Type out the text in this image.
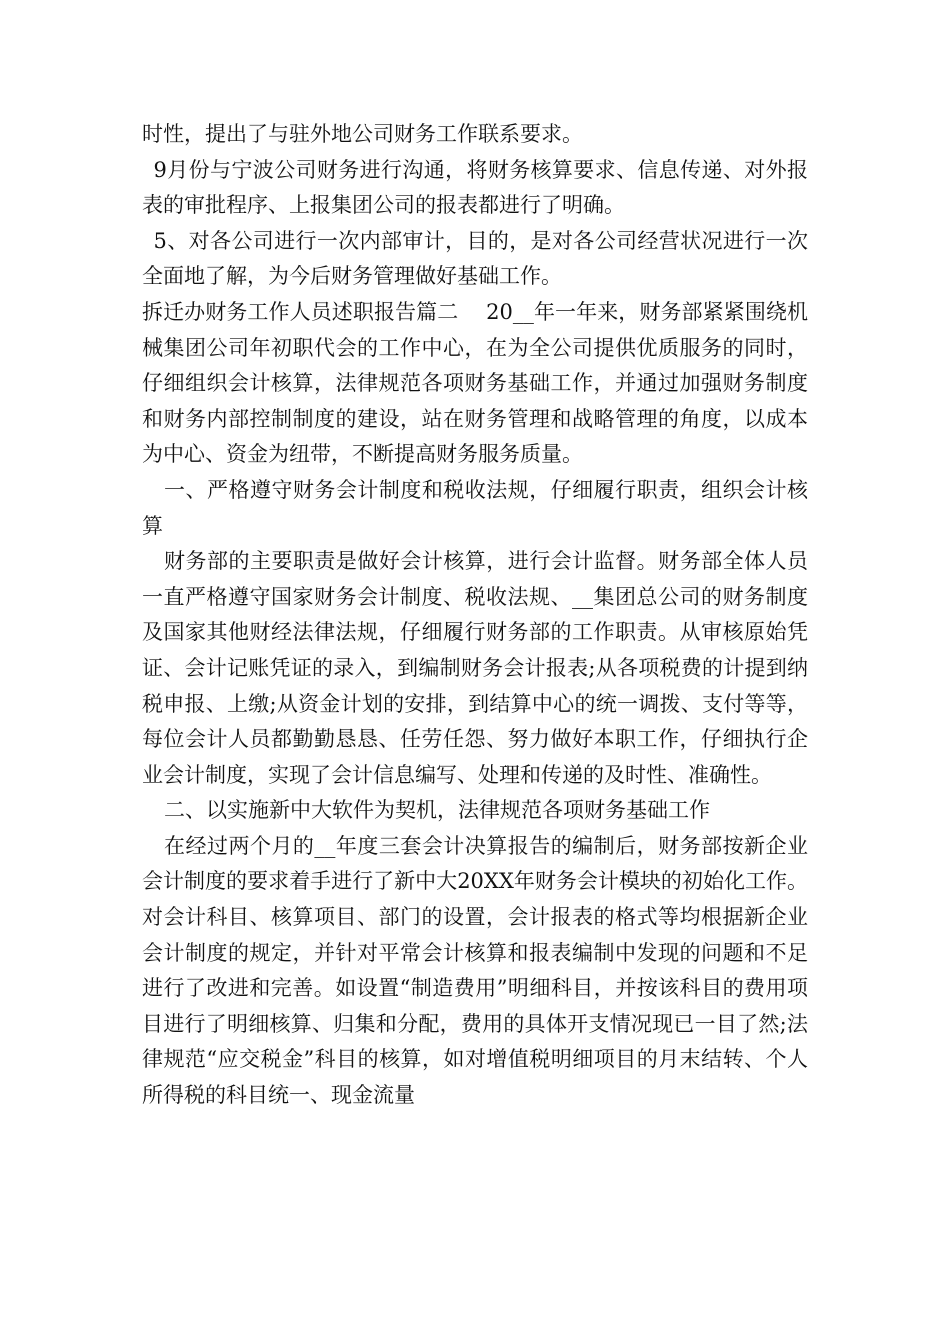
时性，提出了与驻外地公司财务工作联系要求。

9月份与宁波公司财务进行沟通，将财务核算要求、信息传递、对外报表的审批程序、上报集团公司的报表都进行了明确。

5、对各公司进行一次内部审计，目的，是对各公司经营状况进行一次全面地了解，为今后财务管理做好基础工作。

拆迁办财务工作人员述职报告篇二　 20__年一年来，财务部紧紧围绕机械集团公司年初职代会的工作中心，在为全公司提供优质服务的同时，仔细组织会计核算，法律规范各项财务基础工作，并通过加强财务制度和财务内部控制制度的建设，站在财务管理和战略管理的角度，以成本为中心、资金为纽带，不断提高财务服务质量。

一、严格遵守财务会计制度和税收法规，仔细履行职责，组织会计核算

财务部的主要职责是做好会计核算，进行会计监督。财务部全体人员一直严格遵守国家财务会计制度、税收法规、__集团总公司的财务制度及国家其他财经法律法规，仔细履行财务部的工作职责。从审核原始凭证、会计记账凭证的录入，到编制财务会计报表;从各项税费的计提到纳税申报、上缴;从资金计划的安排，到结算中心的统一调拨、支付等等，每位会计人员都勤勤恳恳、任劳任怨、努力做好本职工作，仔细执行企业会计制度，实现了会计信息编写、处理和传递的及时性、准确性。

二、以实施新中大软件为契机，法律规范各项财务基础工作

在经过两个月的__年度三套会计决算报告的编制后，财务部按新企业会计制度的要求着手进行了新中大20XX年财务会计模块的初始化工作。对会计科目、核算项目、部门的设置，会计报表的格式等均根据新企业会计制度的规定，并针对平常会计核算和报表编制中发现的问题和不足进行了改进和完善。如设置“制造费用”明细科目，并按该科目的费用项目进行了明细核算、归集和分配，费用的具体开支情况现已一目了然;法律规范“应交税金”科目的核算，如对增值税明细项目的月末结转、个人所得税的科目统一、现金流量
